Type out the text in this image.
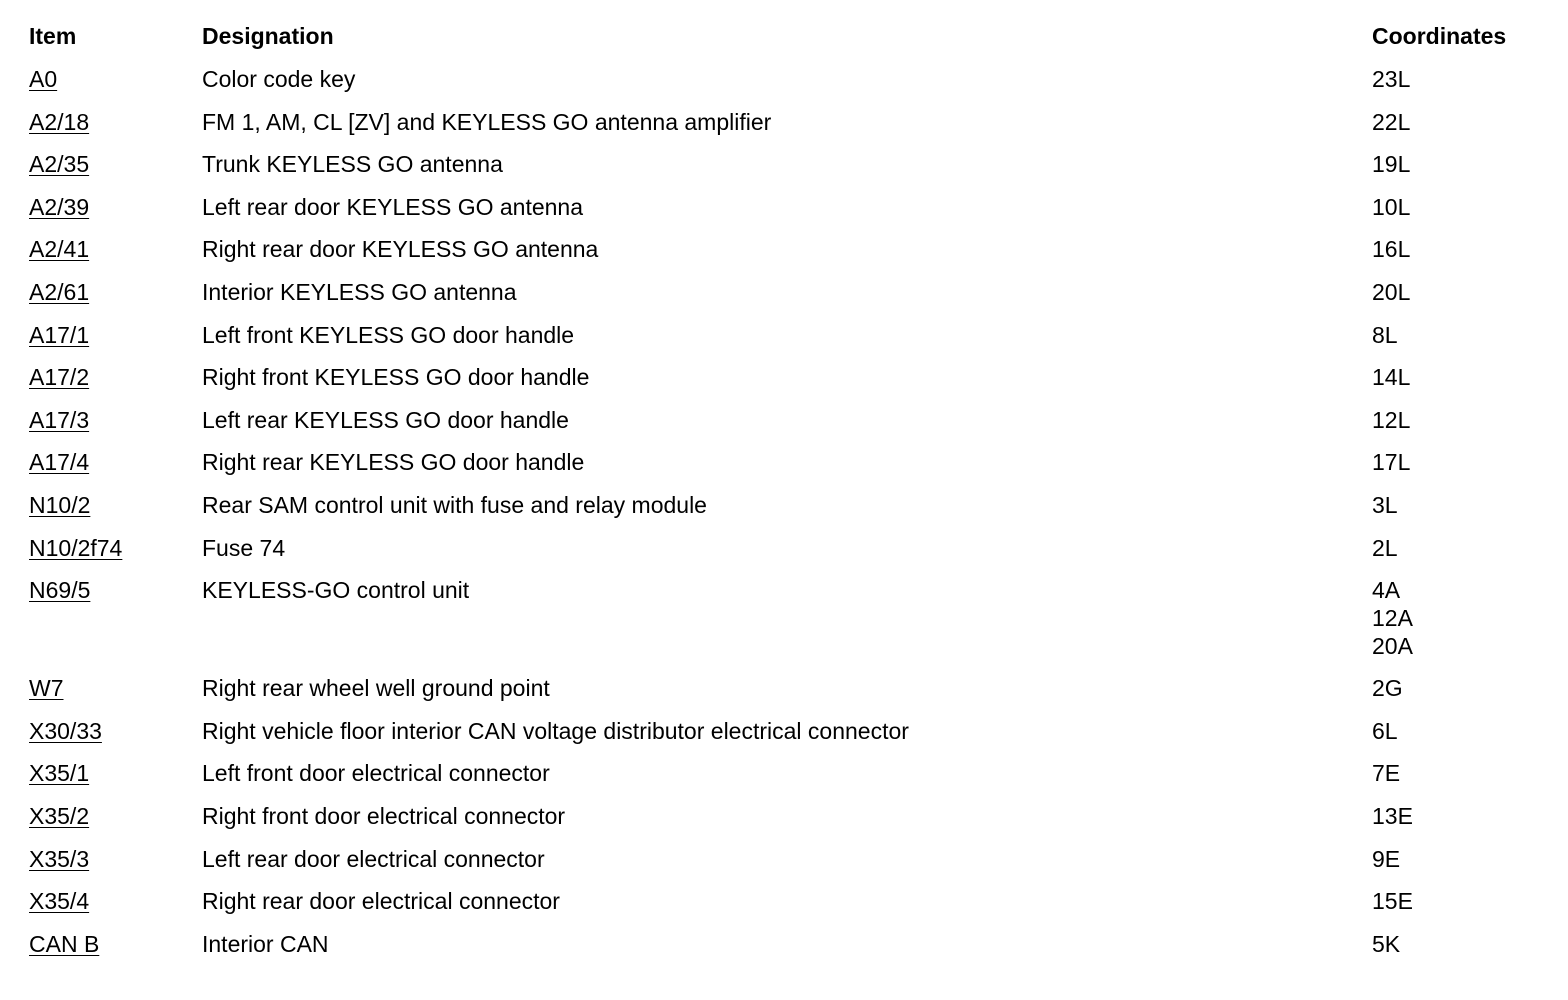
Item	Designation	Coordinates
A0	Color code key	23L
A2/18	FM 1, AM, CL [ZV] and KEYLESS GO antenna amplifier	22L
A2/35	Trunk KEYLESS GO antenna	19L
A2/39	Left rear door KEYLESS GO antenna	10L
A2/41	Right rear door KEYLESS GO antenna	16L
A2/61	Interior KEYLESS GO antenna	20L
A17/1	Left front KEYLESS GO door handle	8L
A17/2	Right front KEYLESS GO door handle	14L
A17/3	Left rear KEYLESS GO door handle	12L
A17/4	Right rear KEYLESS GO door handle	17L
N10/2	Rear SAM control unit with fuse and relay module	3L
N10/2f74	Fuse 74	2L
N69/5	KEYLESS-GO control unit	4A
12A
20A
W7	Right rear wheel well ground point	2G
X30/33	Right vehicle floor interior CAN voltage distributor electrical connector	6L
X35/1	Left front door electrical connector	7E
X35/2	Right front door electrical connector	13E
X35/3	Left rear door electrical connector	9E
X35/4	Right rear door electrical connector	15E
CAN B	Interior CAN	5K
